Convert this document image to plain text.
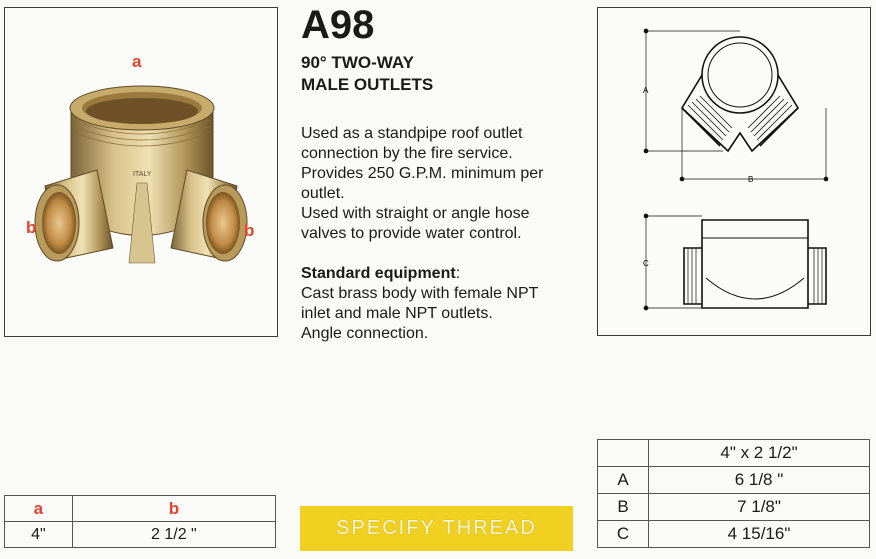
ITALY
a
b	b
A98
90° TWO-WAY
MALE OUTLETS
Used as a standpipe roof outlet
connection by the fire service.
Provides 250 G.P.M. minimum per
outlet.
Used with straight or angle hose
valves to provide water control.
Standard equipment:
Cast brass body with female NPT
inlet and male NPT outlets.
Angle connection.
A
B
C
a	b
4"	2 1/2 "	SPECIFY THREAD
	4" x 2 1/2"
A	6 1/8 "
B	7 1/8"
C	4 15/16"
